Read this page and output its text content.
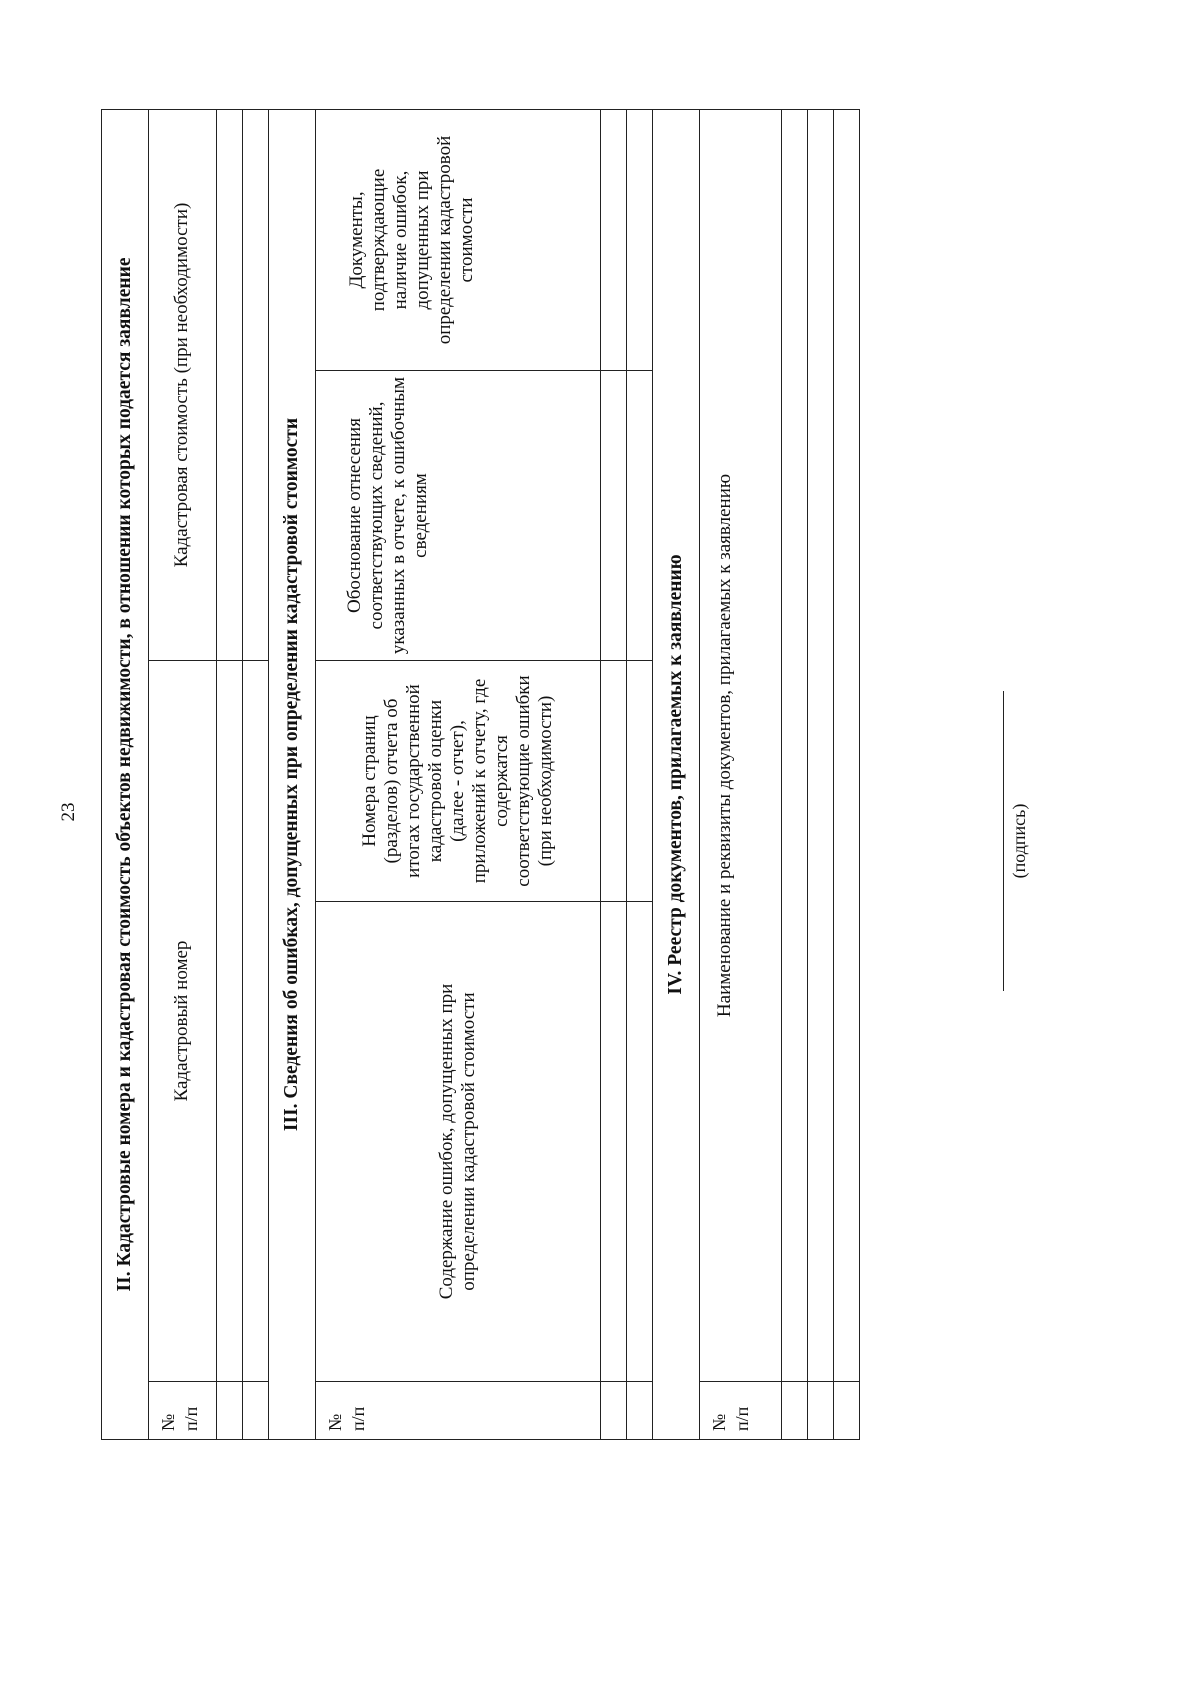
23 II. Кадастровые номера и кадастровая стоимость объектов недвижимости, в отношении которых подается заявление				

№ п/п	Кадастровый номер		Кадастровая стоимость (при необходимости)	

III. Сведения об ошибках, допущенных при определении кадастровой стоимости				

№ п/п	Содержание ошибок, допущенных при определении кадастровой стоимости	Номера страниц (разделов) отчета об итогах государственной кадастровой оценки (далее - отчет), приложений к отчету, где содержатся соответствующие ошибки (при необходимости)	Обоснование отнесения соответствующих сведений, указанных в отчете, к ошибочным сведениям	Документы, подтверждающие наличие ошибок, допущенных при определении кадастровой стоимости

IV. Реестр документов, прилагаемых к заявлению				

№ п/п	Наименование и реквизиты документов, прилагаемых к заявлению			

		(подпись)
